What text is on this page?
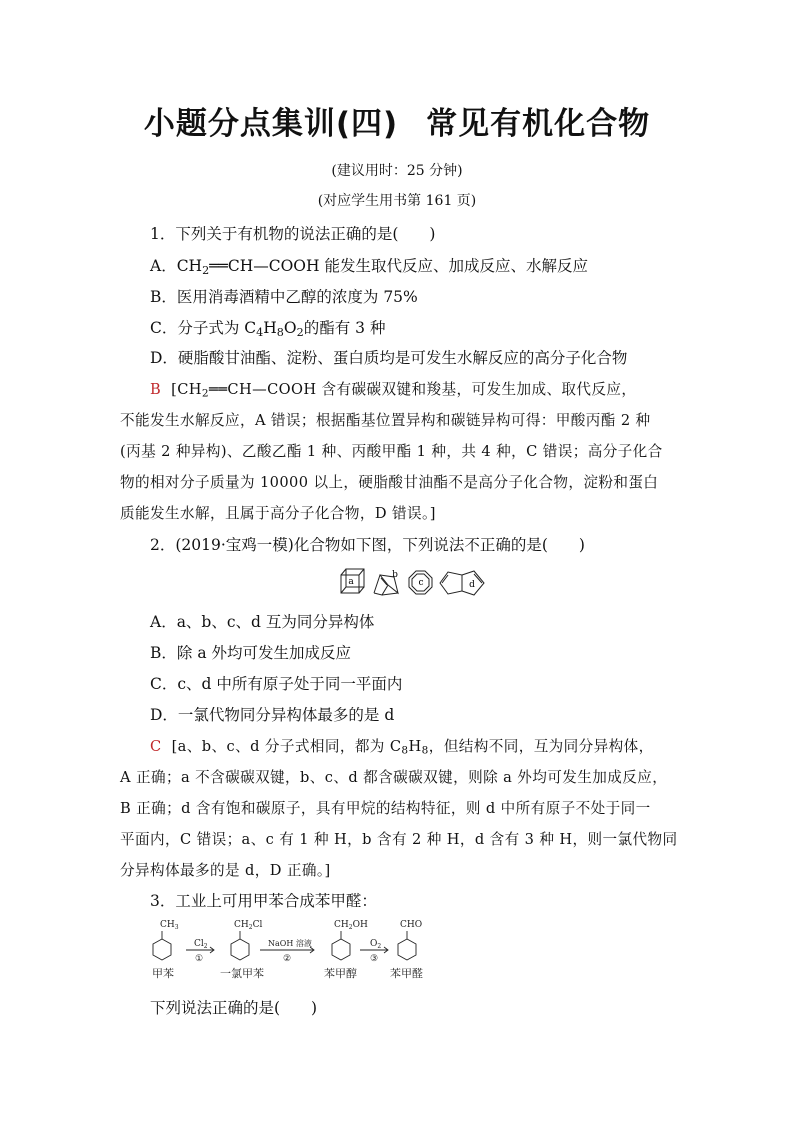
小题分点集训(四) 常见有机化合物
(建议用时：25 分钟)
(对应学生用书第 161 页)
1．下列关于有机物的说法正确的是(　　)
A．$CH_2══CH—COOH$ 能发生取代反应、加成反应、水解反应
B．医用消毒酒精中乙醇的浓度为 75%
C．分子式为 $C_4H_8O_2$的酯有 3 种
D．硬脂酸甘油酯、淀粉、蛋白质均是可发生水解反应的高分子化合物
B [$CH_2══CH—COOH$ 含有碳碳双键和羧基，可发生加成、取代反应，
不能发生水解反应，A 错误；根据酯基位置异构和碳链异构可得：甲酸丙酯 2 种
(丙基 2 种异构)、乙酸乙酯 1 种、丙酸甲酯 1 种，共 4 种，C 错误；高分子化合
物的相对分子质量为 10000 以上，硬脂酸甘油酯不是高分子化合物，淀粉和蛋白
质能发生水解，且属于高分子化合物，D 错误。]
2．(2019·宝鸡一模)化合物如下图，下列说法不正确的是(　　)
a
b
c	d
A．a、b、c、d 互为同分异构体
B．除 a 外均可发生加成反应
C．c、d 中所有原子处于同一平面内
D．一氯代物同分异构体最多的是 d
C [a、b、c、d 分子式相同，都为 $C_8H_8$，但结构不同，互为同分异构体，
A 正确；a 不含碳碳双键，b、c、d 都含碳碳双键，则除 a 外均可发生加成反应，
B 正确；d 含有饱和碳原子，具有甲烷的结构特征，则 d 中所有原子不处于同一
平面内，C 错误；a、c 有 1 种 H，b 含有 2 种 H，d 含有 3 种 H，则一氯代物同
分异构体最多的是 d，D 正确。]
3．工业上可用甲苯合成苯甲醛：
$CH_3$	$CH_2Cl$	$CH_2OH$	CHO
$Cl_2$
①
NaOH 溶液
②
$O_2$
③
甲苯	一氯甲苯	苯甲醇	苯甲醛
下列说法正确的是(　　)
